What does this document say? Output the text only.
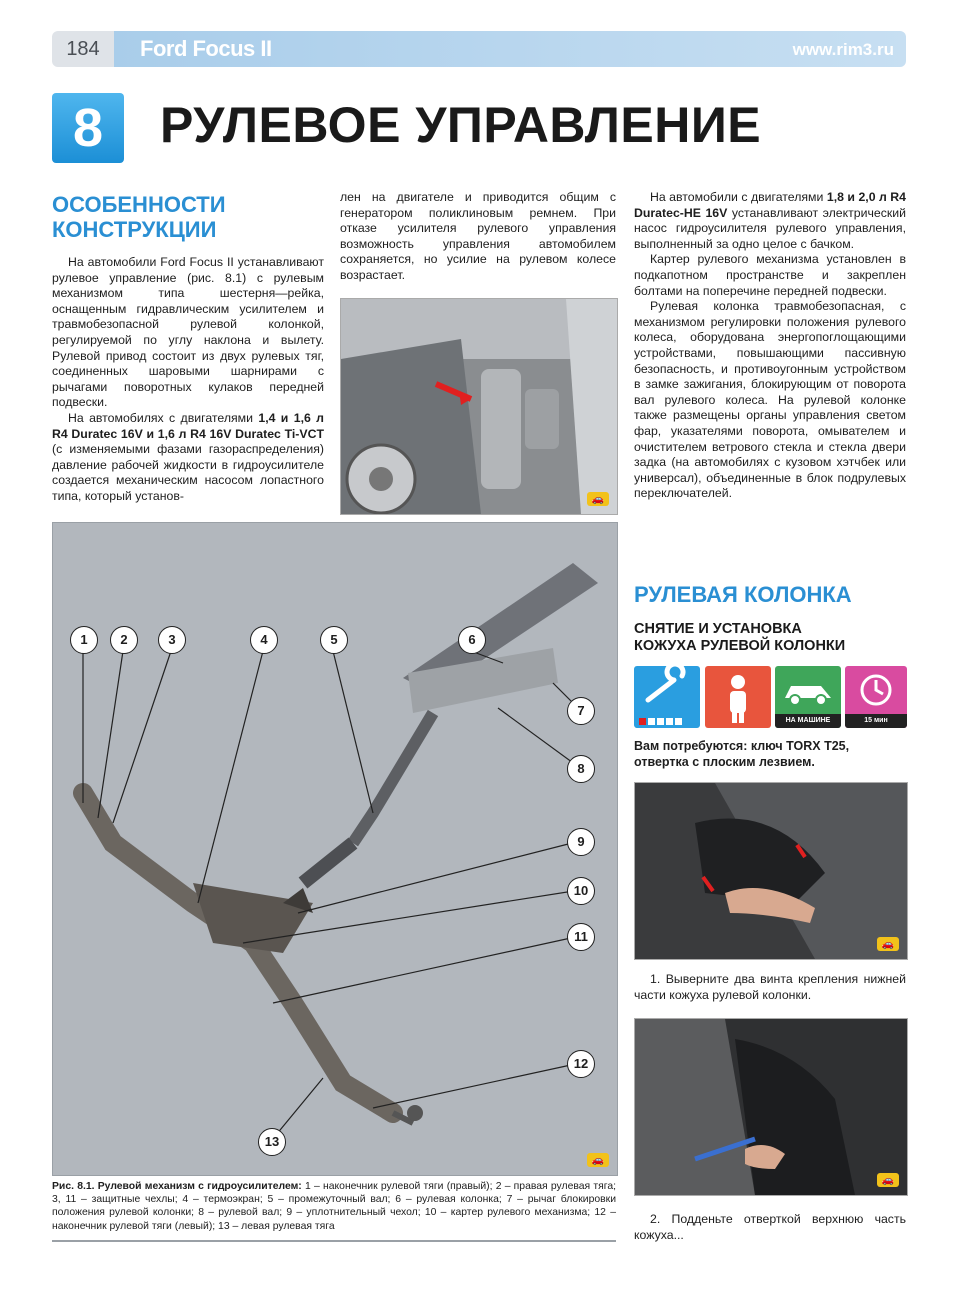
184	Ford Focus II	www.rim3.ru
8	РУЛЕВОЕ УПРАВЛЕНИЕ
ОСОБЕННОСТИ
КОНСТРУКЦИИ

На автомобили Ford Focus II устанавливают рулевое управление (рис. 8.1) с рулевым механизмом типа шестерня—рейка, оснащенным гидравлическим усилителем и травмобезопасной рулевой колонкой, регулируемой по углу наклона и вылету. Рулевой привод состоит из двух рулевых тяг, соединенных шаровыми шарнирами с рычагами поворотных кулаков передней подвески.

На автомобилях с двигателями 1,4 и 1,6 л R4 Duratec 16V и 1,6 л R4 16V Duratec Ti-VCT (с изменяемыми фазами газораспределения) давление рабочей жидкости в гидроусилителе создается механическим насосом лопастного типа, который установ-

лен на двигателе и приводится общим с генератором поликлиновым ремнем. При отказе усилителя рулевого управления возможность управления автомобилем сохраняется, но усилие на рулевом колесе возрастает.

🚗

На автомобили с двигателями 1,8 и 2,0 л R4 Duratec-HE 16V устанавливают электрический насос гидроусилителя рулевого управления, выполненный за одно целое с бачком.

Картер рулевого механизма установлен в подкапотном пространстве и закреплен болтами на поперечине передней подвески.

Рулевая колонка травмобезопасная, с механизмом регулировки положения рулевого колеса, оборудована энергопоглощающими устройствами, повышающими пассивную безопасность, и противоугонным устройством в замке зажигания, блокирующим от поворота вал рулевого колеса. На рулевой колонке также размещены органы управления светом фар, указателями поворота, омывателем и очистителем ветрового стекла и стекла двери задка (на автомобилях с кузовом хэтчбек или универсал), объединенные в блок подрулевых переключателей.

РУЛЕВАЯ КОЛОНКА
СНЯТИЕ И УСТАНОВКА
КОЖУХА РУЛЕВОЙ КОЛОНКИ
НА МАШИНЕ	15 мин
Вам потребуются: ключ TORX T25, отвертка с плоским лезвием.
🚗

1. Выверните два винта крепления нижней части кожуха рулевой колонки.

🚗

2. Подденьте отверткой верхнюю часть кожуха...

1	2	3	4	5	6
7
8
9
10
11
12
13
🚗
Рис. 8.1. Рулевой механизм с гидроусилителем: 1 – наконечник рулевой тяги (правый); 2 – правая рулевая тяга; 3, 11 – защитные чехлы; 4 – термоэкран; 5 – промежуточный вал; 6 – рулевая колонка; 7 – рычаг блокировки положения рулевой колонки; 8 – рулевой вал; 9 – уплотнительный чехол; 10 – картер рулевого механизма; 12 – наконечник рулевой тяги (левый); 13 – левая рулевая тяга
